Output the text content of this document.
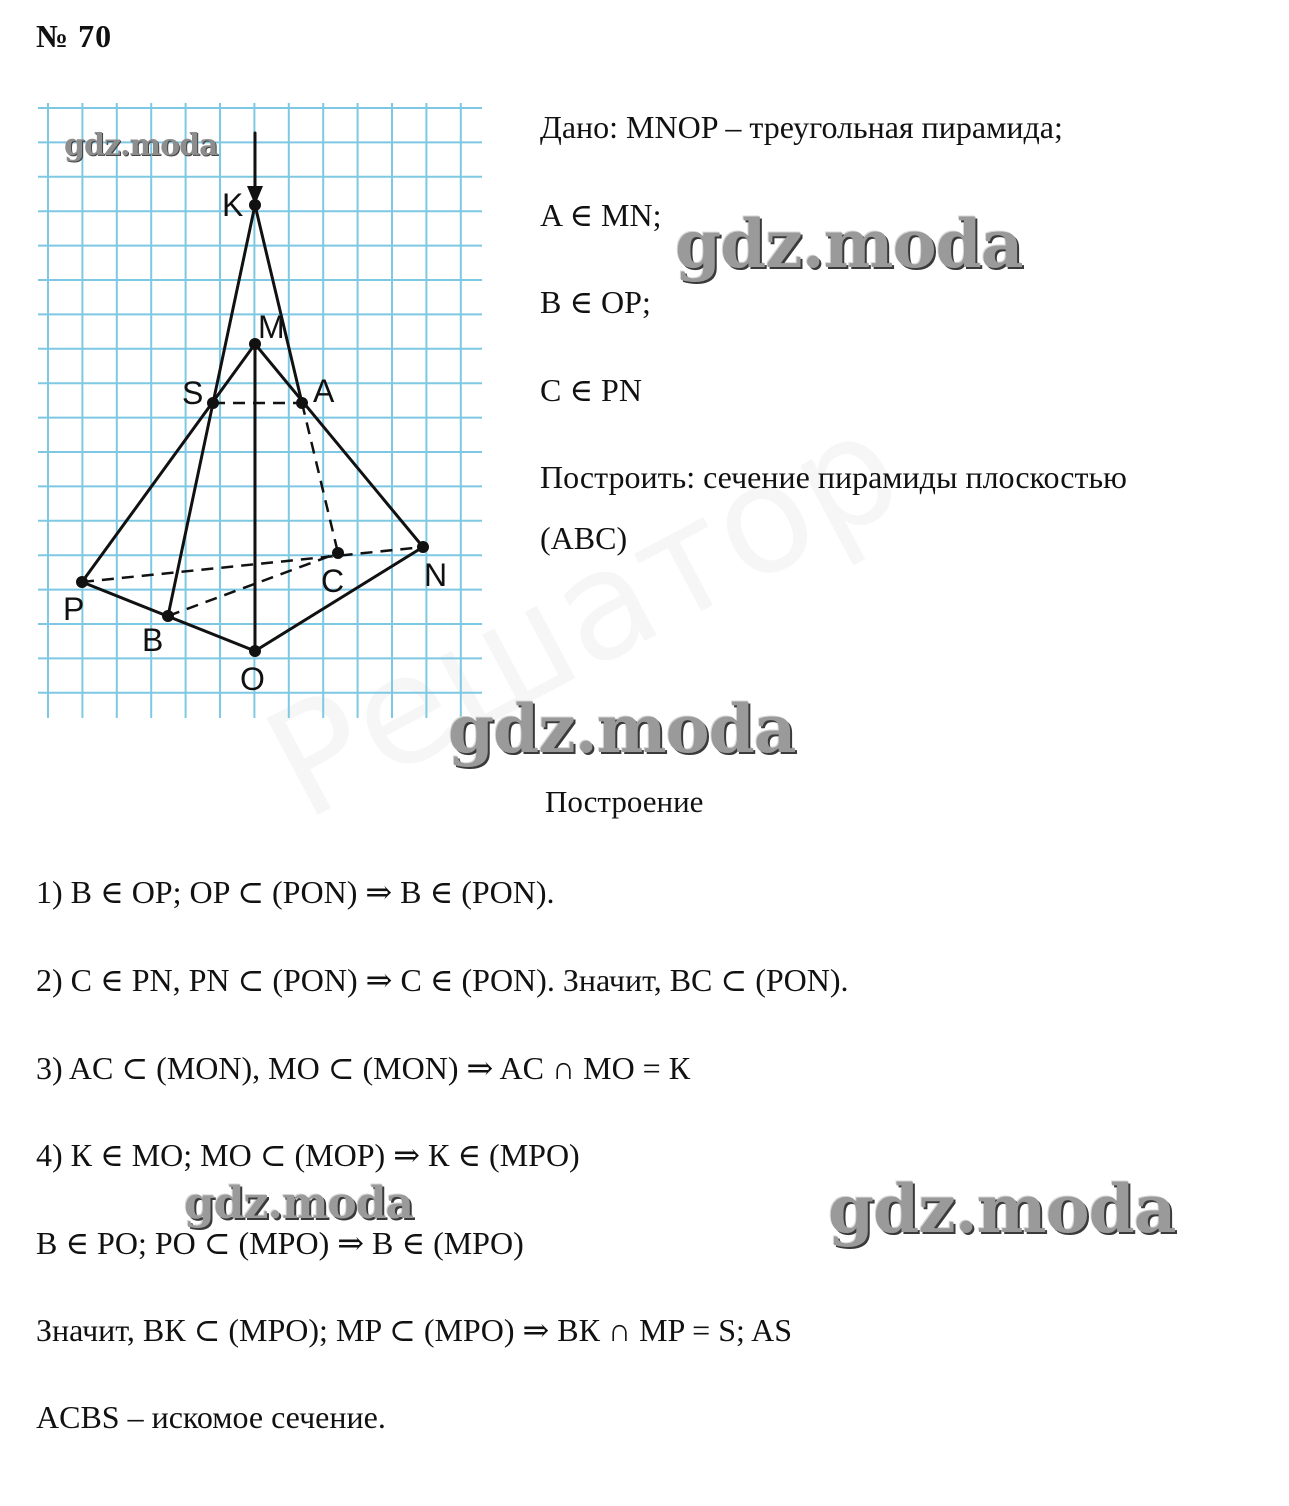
№ 70
K
M
S	A
C N
P
B
O
gdz.moda
Дано: MNOP – треугольная пирамида;
A ∈ MN;
B ∈ OP;
C ∈ PN
Построить: сечение пирамиды плоскостью
(ABC)
gdz.moda
gdz.moda
Построение
1) B ∈ OP; OP ⊂ (PON) ⇒ B ∈ (PON).
2) C ∈ PN, PN ⊂ (PON) ⇒ C ∈ (PON). Значит, BC ⊂ (PON).
3) AC ⊂ (MON), MO ⊂ (MON) ⇒ AC ∩ MO = К
4) К ∈ MO; MO ⊂ (MOP) ⇒ К ∈ (MPO)
B ∈ PO; PO ⊂ (MPO) ⇒ B ∈ (MPO)
Значит, BК ⊂ (MPO); MP ⊂ (MPO) ⇒ BК ∩ MP = S; AS
ACBS – искомое сечение.
gdz.moda	gdz.moda
